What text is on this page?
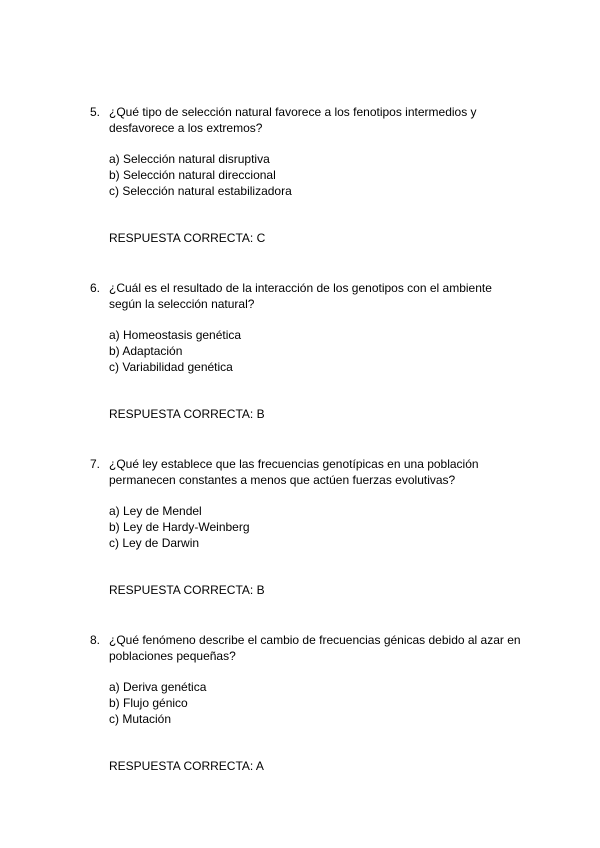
5. ¿Qué tipo de selección natural favorece a los fenotipos intermedios y
desfavorece a los extremos?
a) Selección natural disruptiva
b) Selección natural direccional
c) Selección natural estabilizadora
RESPUESTA CORRECTA: C
6. ¿Cuál es el resultado de la interacción de los genotipos con el ambiente
según la selección natural?
a) Homeostasis genética
b) Adaptación
c) Variabilidad genética
RESPUESTA CORRECTA: B
7. ¿Qué ley establece que las frecuencias genotípicas en una población
permanecen constantes a menos que actúen fuerzas evolutivas?
a) Ley de Mendel
b) Ley de Hardy-Weinberg
c) Ley de Darwin
RESPUESTA CORRECTA: B
8. ¿Qué fenómeno describe el cambio de frecuencias génicas debido al azar en
poblaciones pequeñas?
a) Deriva genética
b) Flujo génico
c) Mutación
RESPUESTA CORRECTA: A
